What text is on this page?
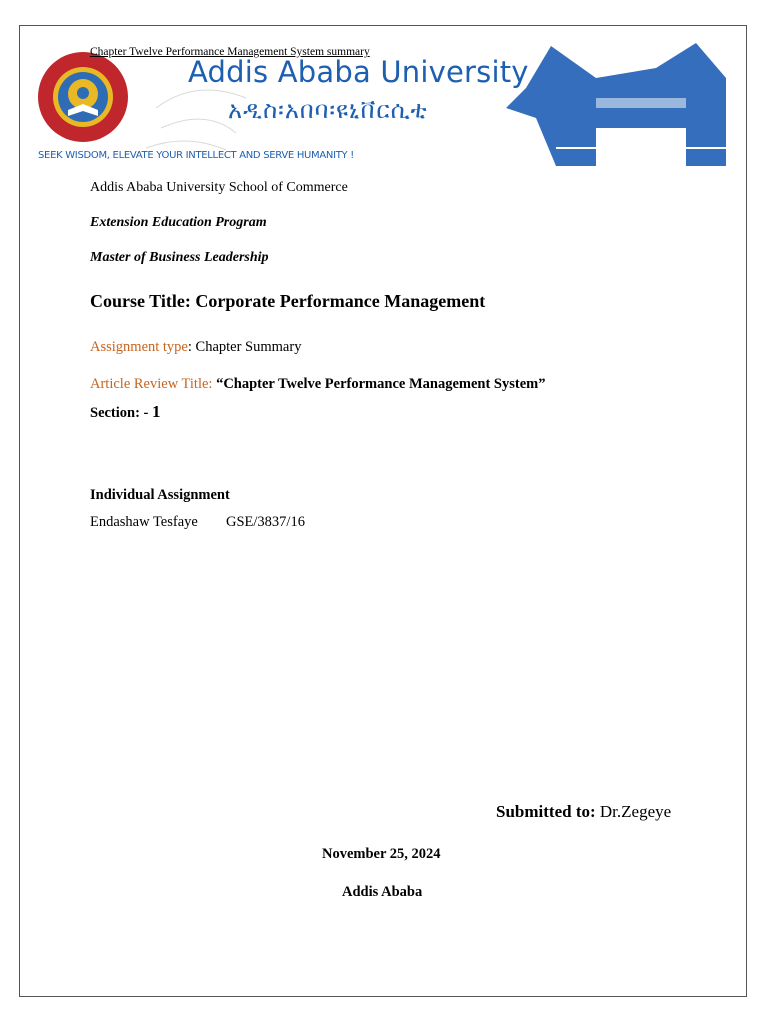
Chapter Twelve Performance Management System summary
Addis Ababa University
አዲስ፡አበባ፡ዩኒቨርሲቲ
SEEK WISDOM, ELEVATE YOUR INTELLECT AND SERVE HUMANITY !
Addis Ababa University School of Commerce
Extension Education Program
Master of Business Leadership
Course Title: Corporate Performance Management
Assignment type: Chapter Summary
Article Review Title: “Chapter Twelve Performance Management System”
Section: - 1
Individual Assignment
Endashaw Tesfaye GSE/3837/16
Submitted to: Dr.Zegeye
November 25, 2024
Addis Ababa
